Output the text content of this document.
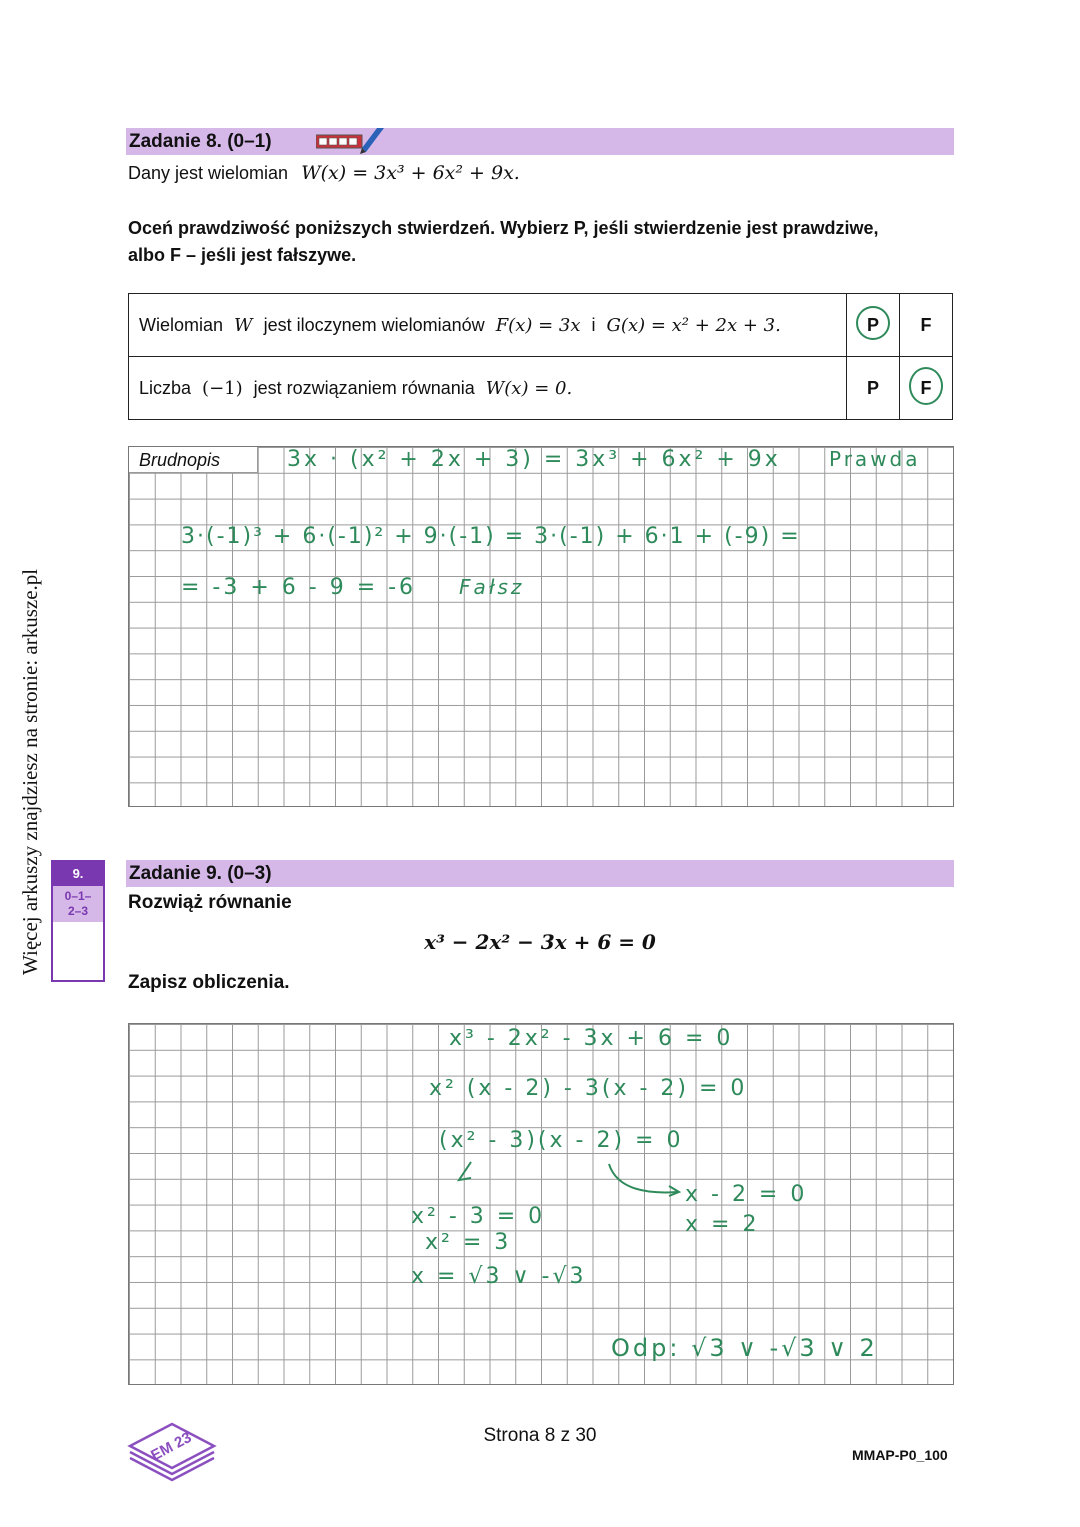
Więcej arkuszy znajdziesz na stronie: arkusze.pl
Zadanie 8. (0–1)
Dany jest wielomian W(x) = 3x³ + 6x² + 9x.
Oceń prawdziwość poniższych stwierdzeń. Wybierz P, jeśli stwierdzenie jest prawdziwe, albo F – jeśli jest fałszywe.
Wielomian W jest iloczynem wielomianów F(x) = 3x i G(x) = x² + 2x + 3.	P	F
Liczba (−1) jest rozwiązaniem równania W(x) = 0.	P	F
Brudnopis	3x · (x² + 2x + 3) = 3x³ + 6x² + 9x Prawda
3·(-1)³ + 6·(-1)² + 9·(-1) = 3·(-1) + 6·1 + (-9) =
= -3 + 6 - 9 = -6 Fałsz
9.
0–1–
2–3
Zadanie 9. (0–3)
Rozwiąż równanie
x³ − 2x² − 3x + 6 = 0
Zapisz obliczenia.
x³ - 2x² - 3x + 6 = 0
x² (x - 2) - 3(x - 2) = 0
(x² - 3)(x - 2) = 0
x - 2 = 0
x = 2
x² - 3 = 0
x² = 3
x = √3 ∨ -√3
Odp: √3 ∨ -√3 ∨ 2
EM 23	Strona 8 z 30
MMAP-P0_100
